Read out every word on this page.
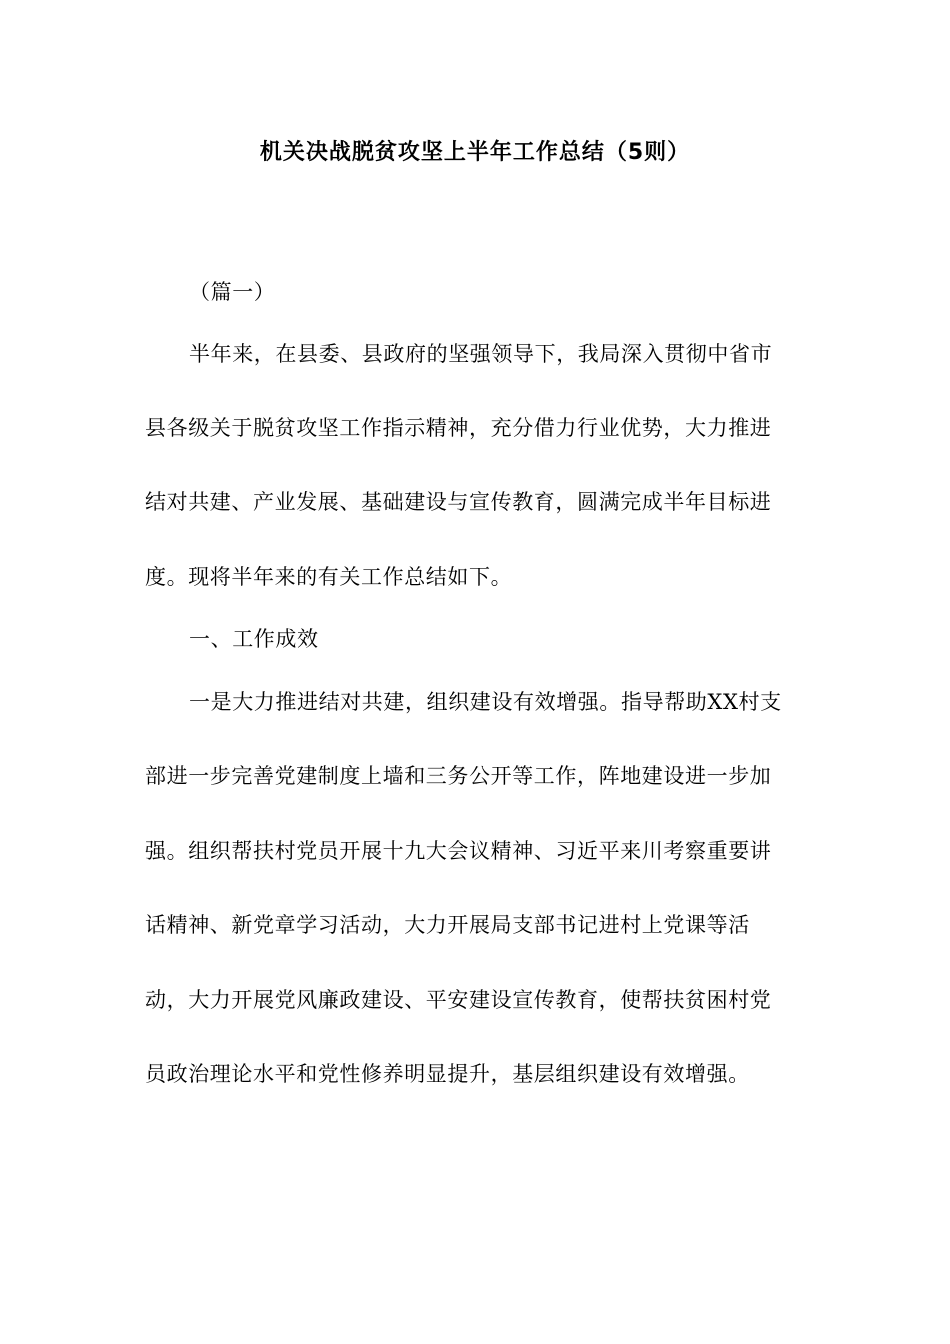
机关决战脱贫攻坚上半年工作总结（5则）
（篇一）
半年来，在县委、县政府的坚强领导下，我局深入贯彻中省市
县各级关于脱贫攻坚工作指示精神，充分借力行业优势，大力推进
结对共建、产业发展、基础建设与宣传教育，圆满完成半年目标进
度。现将半年来的有关工作总结如下。
一、工作成效
一是大力推进结对共建，组织建设有效增强。指导帮助XX村支
部进一步完善党建制度上墙和三务公开等工作，阵地建设进一步加
强。组织帮扶村党员开展十九大会议精神、习近平来川考察重要讲
话精神、新党章学习活动，大力开展局支部书记进村上党课等活
动，大力开展党风廉政建设、平安建设宣传教育，使帮扶贫困村党
员政治理论水平和党性修养明显提升，基层组织建设有效增强。
